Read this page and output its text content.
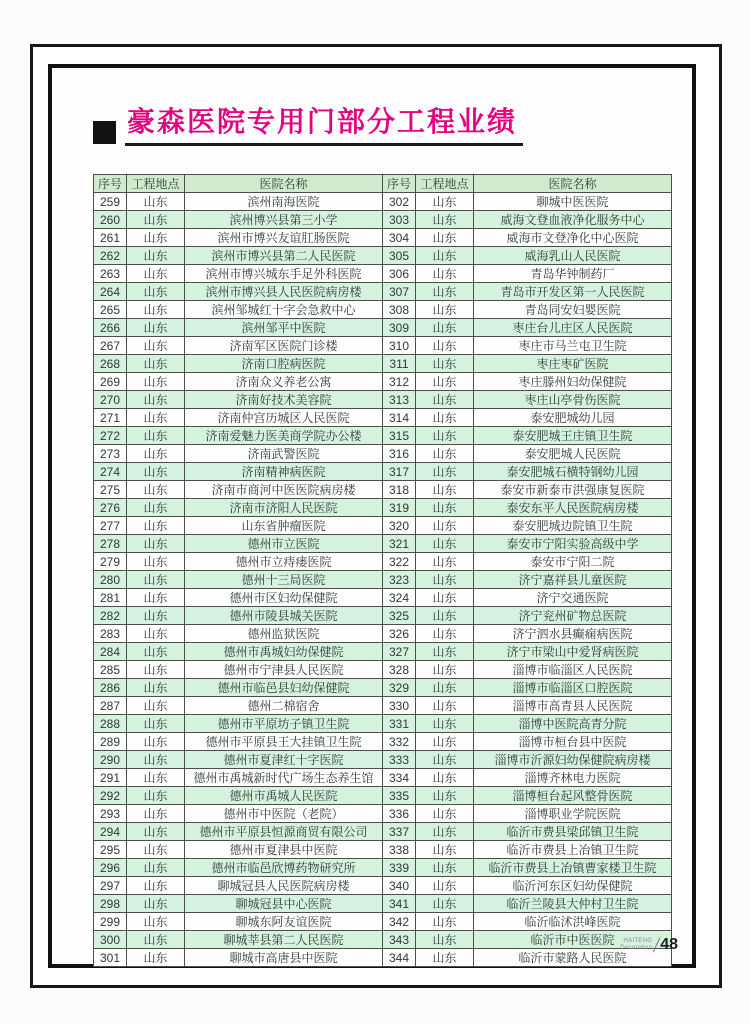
豪森医院专用门部分工程业绩
序号	工程地点	医院名称	序号	工程地点	医院名称
259	山东	滨州南海医院	302	山东	聊城中医医院
260	山东	滨州博兴县第三小学	303	山东	威海文登血液净化服务中心
261	山东	滨州市博兴友谊肛肠医院	304	山东	威海市文登净化中心医院
262	山东	滨州市博兴县第二人民医院	305	山东	威海乳山人民医院
263	山东	滨州市博兴城东手足外科医院	306	山东	青岛华钟制药厂
264	山东	滨州市博兴县人民医院病房楼	307	山东	青岛市开发区第一人民医院
265	山东	滨州邹城红十字会急救中心	308	山东	青岛同安妇婴医院
266	山东	滨州邹平中医院	309	山东	枣庄台儿庄区人民医院
267	山东	济南军区医院门诊楼	310	山东	枣庄市马兰屯卫生院
268	山东	济南口腔病医院	311	山东	枣庄枣矿医院
269	山东	济南众义养老公寓	312	山东	枣庄滕州妇幼保健院
270	山东	济南好技术美容院	313	山东	枣庄山亭骨伤医院
271	山东	济南仲宫历城区人民医院	314	山东	泰安肥城幼儿园
272	山东	济南爱魅力医美商学院办公楼	315	山东	泰安肥城王庄镇卫生院
273	山东	济南武警医院	316	山东	泰安肥城人民医院
274	山东	济南精神病医院	317	山东	泰安肥城石横特钢幼儿园
275	山东	济南市商河中医医院病房楼	318	山东	泰安市新泰市洪强康复医院
276	山东	济南市济阳人民医院	319	山东	泰安东平人民医院病房楼
277	山东	山东省肿瘤医院	320	山东	泰安肥城边院镇卫生院
278	山东	德州市立医院	321	山东	泰安市宁阳实验高级中学
279	山东	德州市立痔瘘医院	322	山东	泰安市宁阳二院
280	山东	德州十三局医院	323	山东	济宁嘉祥县儿童医院
281	山东	德州市区妇幼保健院	324	山东	济宁交通医院
282	山东	德州市陵县城关医院	325	山东	济宁兖州矿物总医院
283	山东	德州监狱医院	326	山东	济宁泗水县癫痫病医院
284	山东	德州市禹城妇幼保健院	327	山东	济宁市梁山中爱肾病医院
285	山东	德州市宁津县人民医院	328	山东	淄博市临淄区人民医院
286	山东	德州市临邑县妇幼保健院	329	山东	淄博市临淄区口腔医院
287	山东	德州二棉宿舍	330	山东	淄博市高青县人民医院
288	山东	德州市平原坊子镇卫生院	331	山东	淄博中医院高青分院
289	山东	德州市平原县王大挂镇卫生院	332	山东	淄博市桓台县中医院
290	山东	德州市夏津红十字医院	333	山东	淄博市沂源妇幼保健院病房楼
291	山东	德州市禹城新时代广场生态养生馆	334	山东	淄博齐林电力医院
292	山东	德州市禹城人民医院	335	山东	淄博桓台起风整骨医院
293	山东	德州市中医院（老院）	336	山东	淄博职业学院医院
294	山东	德州市平原县恒源商贸有限公司	337	山东	临沂市费县梁邱镇卫生院
295	山东	德州市夏津县中医院	338	山东	临沂市费县上冶镇卫生院
296	山东	德州市临邑欣博药物研究所	339	山东	临沂市费县上冶镇曹家楼卫生院
297	山东	聊城冠县人民医院病房楼	340	山东	临沂河东区妇幼保健院
298	山东	聊城冠县中心医院	341	山东	临沂兰陵县大仲村卫生院
299	山东	聊城东阿友谊医院	342	山东	临沂临沭洪峰医院
300	山东	聊城莘县第二人民医院	343	山东	临沂市中医医院
301	山东	聊城市高唐县中医院	344	山东	临沂市蒙路人民医院
HAITENG
Decoration 48
